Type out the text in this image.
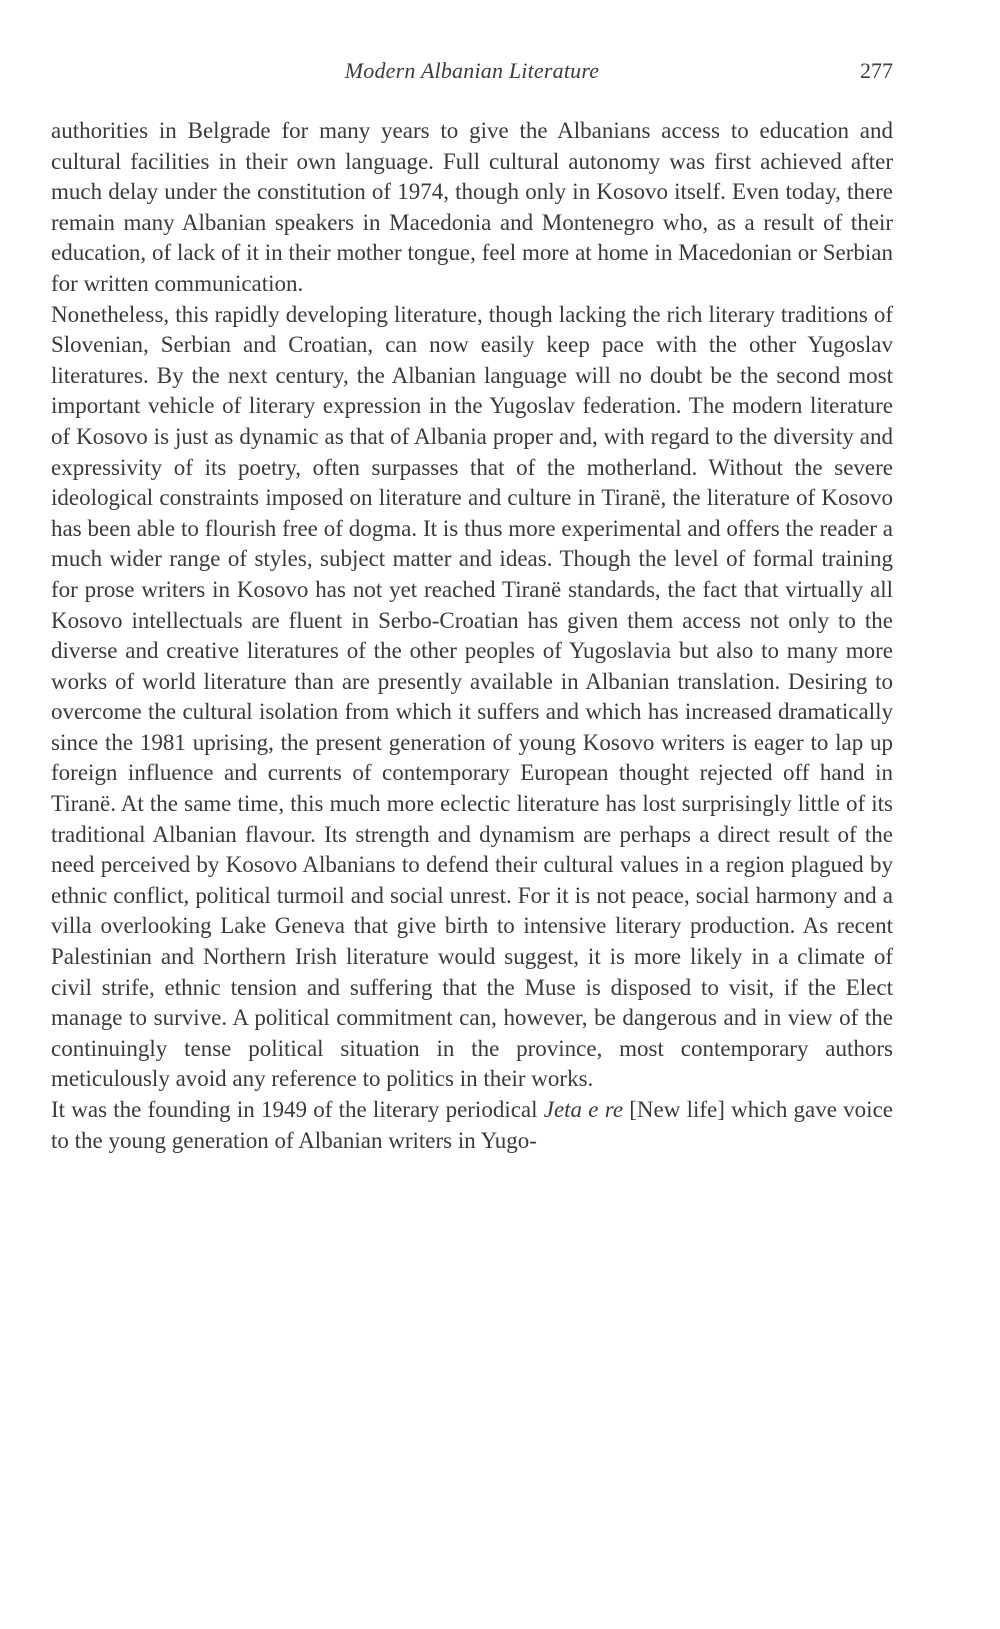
Modern Albanian Literature	277

authorities in Belgrade for many years to give the Albanians access to education and cultural facilities in their own language. Full cultural autonomy was first achieved after much delay under the constitution of 1974, though only in Kosovo itself. Even today, there remain many Albanian speakers in Macedonia and Montenegro who, as a result of their education, of lack of it in their mother tongue, feel more at home in Macedonian or Serbian for written communication.

Nonetheless, this rapidly developing literature, though lacking the rich literary traditions of Slovenian, Serbian and Croatian, can now easily keep pace with the other Yugoslav literatures. By the next century, the Albanian language will no doubt be the second most important vehicle of literary expression in the Yugoslav federation. The modern literature of Kosovo is just as dynamic as that of Albania proper and, with regard to the diversity and expressivity of its poetry, often surpasses that of the motherland. Without the severe ideological constraints imposed on literature and culture in Tiranë, the literature of Kosovo has been able to flourish free of dogma. It is thus more experimental and offers the reader a much wider range of styles, subject matter and ideas. Though the level of formal training for prose writers in Kosovo has not yet reached Tiranë standards, the fact that virtually all Kosovo intellectuals are fluent in Serbo-Croatian has given them access not only to the diverse and creative literatures of the other peoples of Yugoslavia but also to many more works of world literature than are presently available in Albanian translation. Desiring to overcome the cultural isolation from which it suffers and which has increased dramatically since the 1981 uprising, the present generation of young Kosovo writers is eager to lap up foreign influence and currents of contemporary European thought rejected off hand in Tiranë. At the same time, this much more eclectic literature has lost surprisingly little of its traditional Albanian flavour. Its strength and dynamism are perhaps a direct result of the need perceived by Kosovo Albanians to defend their cultural values in a region plagued by ethnic conflict, political turmoil and social unrest. For it is not peace, social harmony and a villa overlooking Lake Geneva that give birth to intensive literary production. As recent Palestinian and Northern Irish literature would suggest, it is more likely in a climate of civil strife, ethnic tension and suffering that the Muse is disposed to visit, if the Elect manage to survive. A political commitment can, however, be dangerous and in view of the continuingly tense political situation in the province, most contemporary authors meticulously avoid any reference to politics in their works.

It was the founding in 1949 of the literary periodical Jeta e re [New life] which gave voice to the young generation of Albanian writers in Yugo-
